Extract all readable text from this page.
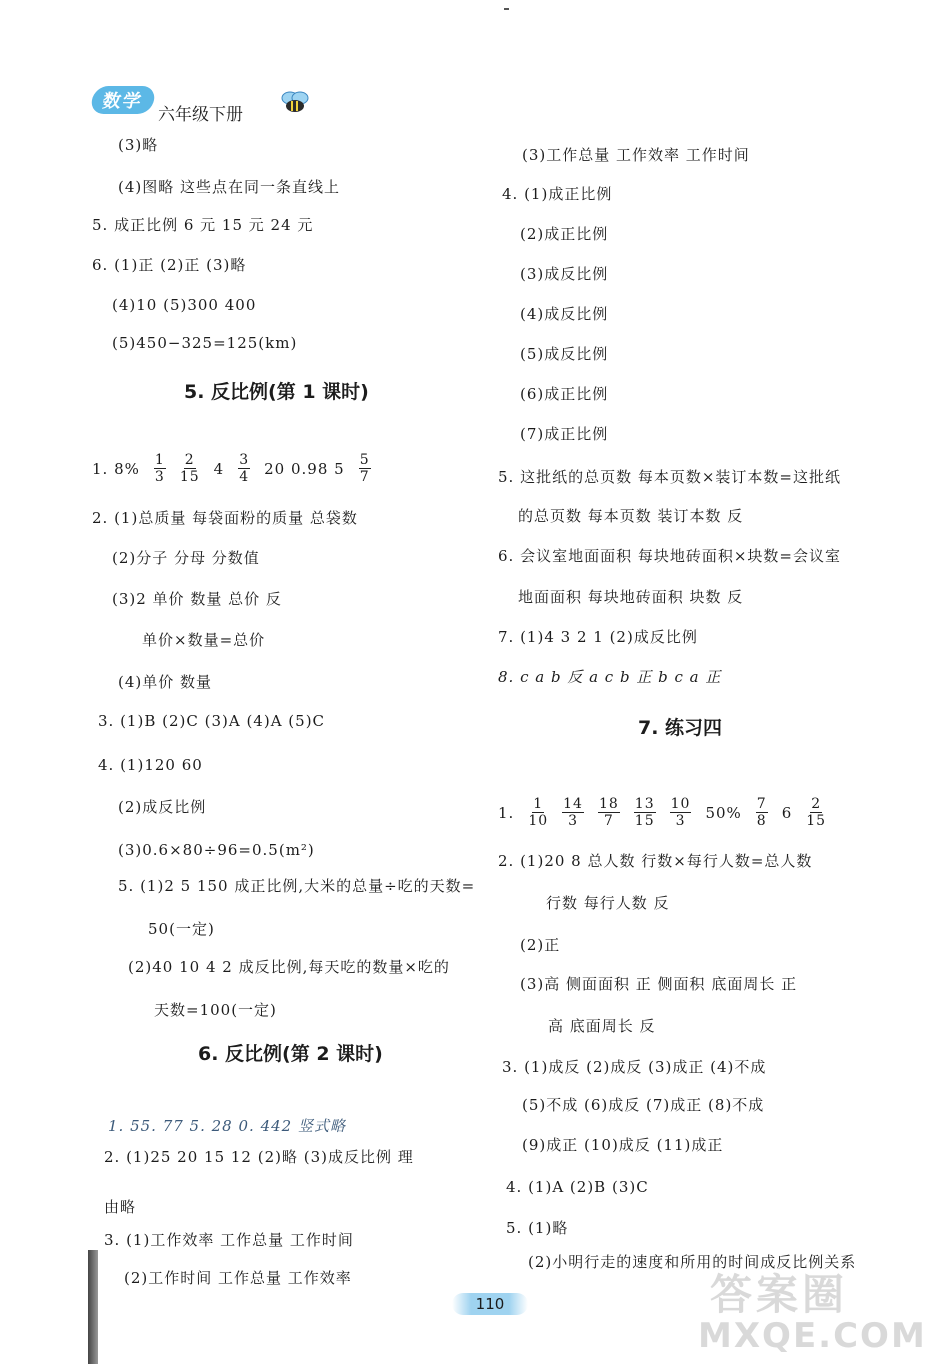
数学
六年级下册
(3)略
(4)图略 这些点在同一条直线上
5. 成正比例 6 元 15 元 24 元
6. (1)正 (2)正 (3)略
(4)10 (5)300 400
(5)450−325=125(km)
5. 反比例(第 1 课时)
1. 8% 1
3
2
15 4 3
4 20 0.98 5 5
7
2. (1)总质量 每袋面粉的质量 总袋数
(2)分子 分母 分数值
(3)2 单价 数量 总价 反
单价×数量=总价
(4)单价 数量
3. (1)B (2)C (3)A (4)A (5)C
4. (1)120 60
(2)成反比例
(3)0.6×80÷96=0.5(m²)
5. (1)2 5 150 成正比例,大米的总量÷吃的天数=
50(一定)
(2)40 10 4 2 成反比例,每天吃的数量×吃的
天数=100(一定)
6. 反比例(第 2 课时)
1. 55. 77 5. 28 0. 442 竖式略
2. (1)25 20 15 12 (2)略 (3)成反比例 理
由略
3. (1)工作效率 工作总量 工作时间
(2)工作时间 工作总量 工作效率
(3)工作总量 工作效率 工作时间
4. (1)成正比例
(2)成正比例
(3)成反比例
(4)成反比例
(5)成反比例
(6)成正比例
(7)成正比例
5. 这批纸的总页数 每本页数×装订本数=这批纸
的总页数 每本页数 装订本数 反
6. 会议室地面面积 每块地砖面积×块数=会议室
地面面积 每块地砖面积 块数 反
7. (1)4 3 2 1 (2)成反比例
8. c a b 反 a c b 正 b c a 正
7. 练习四
1. 1
10
14
3
18
7
13
15
10
3 50% 7
8 6 2
15
2. (1)20 8 总人数 行数×每行人数=总人数
行数 每行人数 反
(2)正
(3)高 侧面面积 正 侧面积 底面周长 正
高 底面周长 反
3. (1)成反 (2)成反 (3)成正 (4)不成
(5)不成 (6)成反 (7)成正 (8)不成
(9)成正 (10)成反 (11)成正
4. (1)A (2)B (3)C
5. (1)略
(2)小明行走的速度和所用的时间成反比例关系
110	答案圈
MXQE.COM
